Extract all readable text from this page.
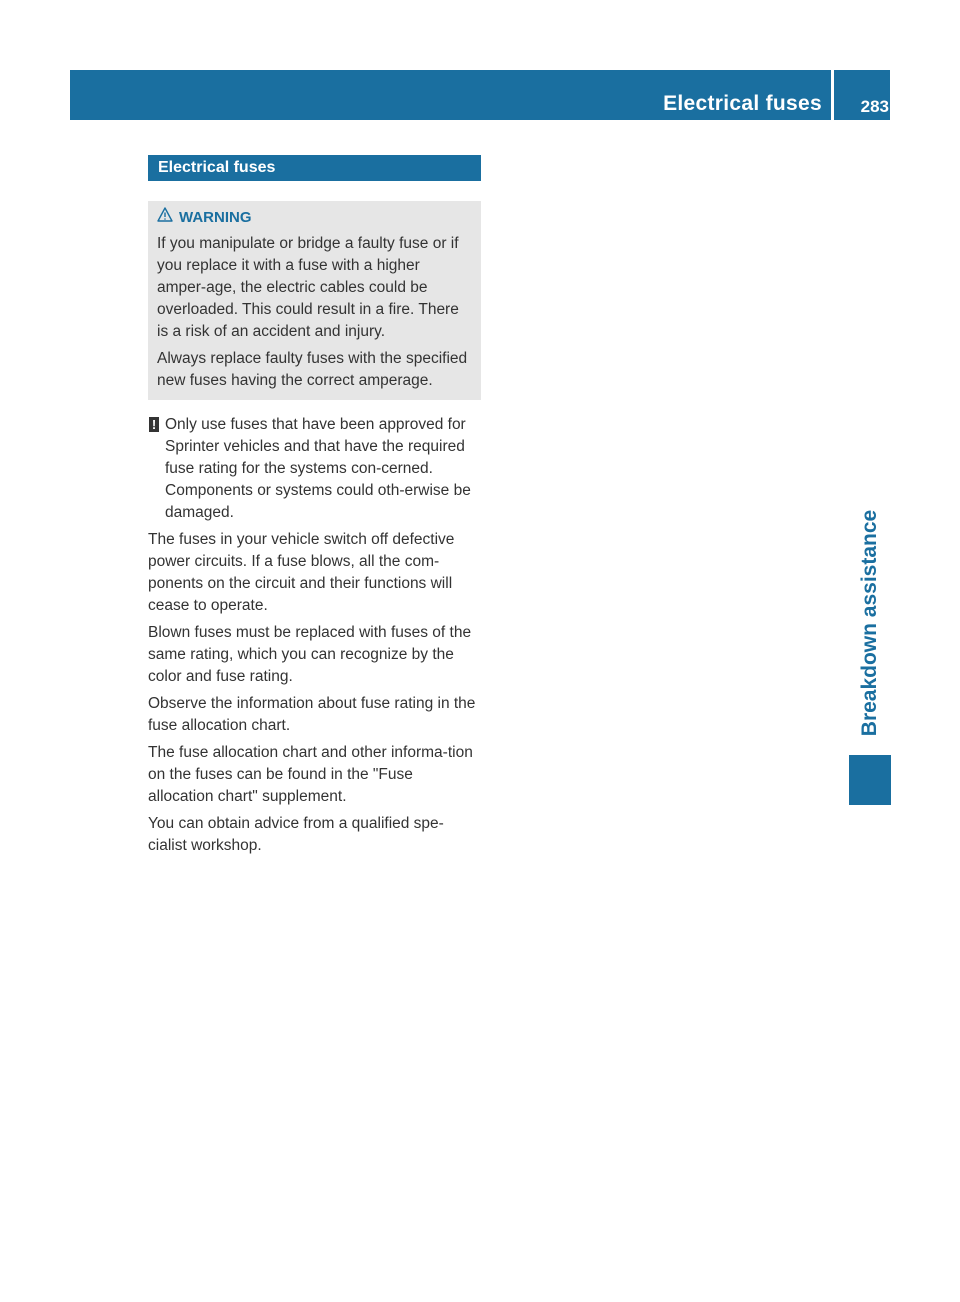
Electrical fuses 283
Breakdown assistance
Electrical fuses
WARNING

If you manipulate or bridge a faulty fuse or if you replace it with a fuse with a higher amper-age, the electric cables could be overloaded. This could result in a fire. There is a risk of an accident and injury.

Always replace faulty fuses with the specified new fuses having the correct amperage.

! Only use fuses that have been approved for Sprinter vehicles and that have the required fuse rating for the systems con-cerned. Components or systems could oth-erwise be damaged.

The fuses in your vehicle switch off defective power circuits. If a fuse blows, all the com-ponents on the circuit and their functions will cease to operate.

Blown fuses must be replaced with fuses of the same rating, which you can recognize by the color and fuse rating.

Observe the information about fuse rating in the fuse allocation chart.

The fuse allocation chart and other informa-tion on the fuses can be found in the "Fuse allocation chart" supplement.

You can obtain advice from a qualified spe-cialist workshop.
